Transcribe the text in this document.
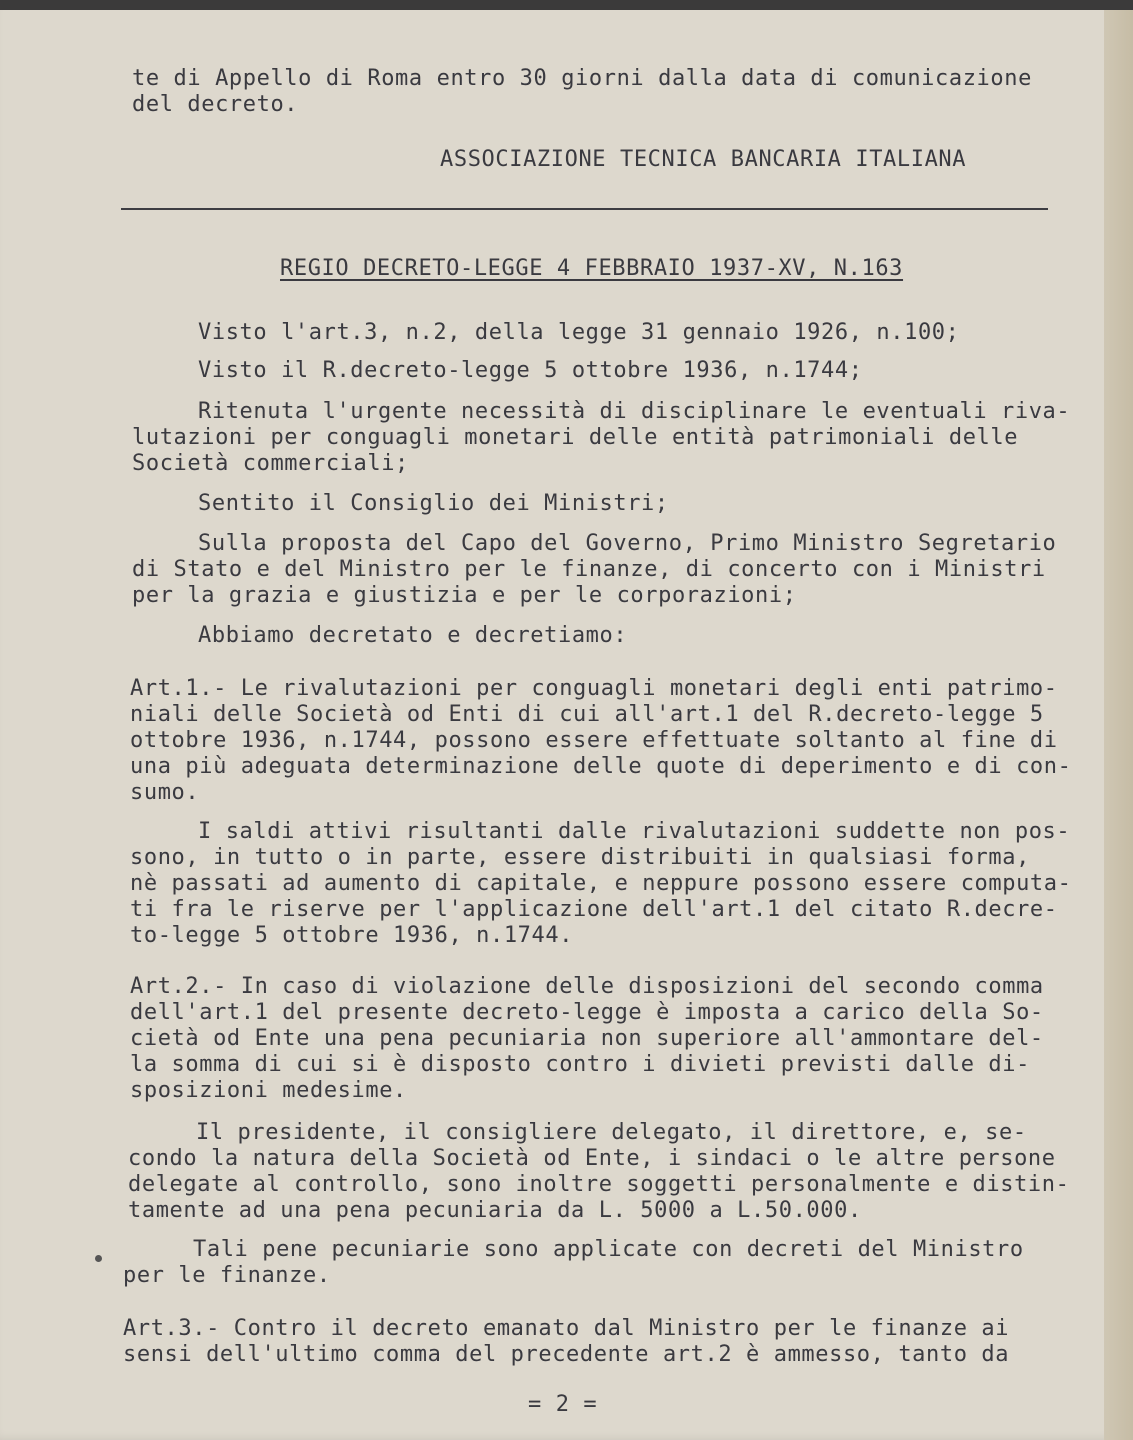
te di Appello di Roma entro 30 giorni dalla data di comunicazione
del decreto.
ASSOCIAZIONE TECNICA BANCARIA ITALIANA
REGIO DECRETO-LEGGE 4 FEBBRAIO 1937-XV, N.163
Visto l'art.3, n.2, della legge 31 gennaio 1926, n.100;
Visto il R.decreto-legge 5 ottobre 1936, n.1744;
Ritenuta l'urgente necessità di disciplinare le eventuali riva-
lutazioni per conguagli monetari delle entità patrimoniali delle
Società commerciali;
Sentito il Consiglio dei Ministri;
Sulla proposta del Capo del Governo, Primo Ministro Segretario
di Stato e del Ministro per le finanze, di concerto con i Ministri
per la grazia e giustizia e per le corporazioni;
Abbiamo decretato e decretiamo:
Art.1.- Le rivalutazioni per conguagli monetari degli enti patrimo-
niali delle Società od Enti di cui all'art.1 del R.decreto-legge 5
ottobre 1936, n.1744, possono essere effettuate soltanto al fine di
una più adeguata determinazione delle quote di deperimento e di con-
sumo.
I saldi attivi risultanti dalle rivalutazioni suddette non pos-
sono, in tutto o in parte, essere distribuiti in qualsiasi forma,
nè passati ad aumento di capitale, e neppure possono essere computa-
ti fra le riserve per l'applicazione dell'art.1 del citato R.decre-
to-legge 5 ottobre 1936, n.1744.
Art.2.- In caso di violazione delle disposizioni del secondo comma
dell'art.1 del presente decreto-legge è imposta a carico della So-
cietà od Ente una pena pecuniaria non superiore all'ammontare del-
la somma di cui si è disposto contro i divieti previsti dalle di-
sposizioni medesime.
Il presidente, il consigliere delegato, il direttore, e, se-
condo la natura della Società od Ente, i sindaci o le altre persone
delegate al controllo, sono inoltre soggetti personalmente e distin-
tamente ad una pena pecuniaria da L. 5000 a L.50.000.
Tali pene pecuniarie sono applicate con decreti del Ministro
per le finanze.
Art.3.- Contro il decreto emanato dal Ministro per le finanze ai
sensi dell'ultimo comma del precedente art.2 è ammesso, tanto da
= 2 =
